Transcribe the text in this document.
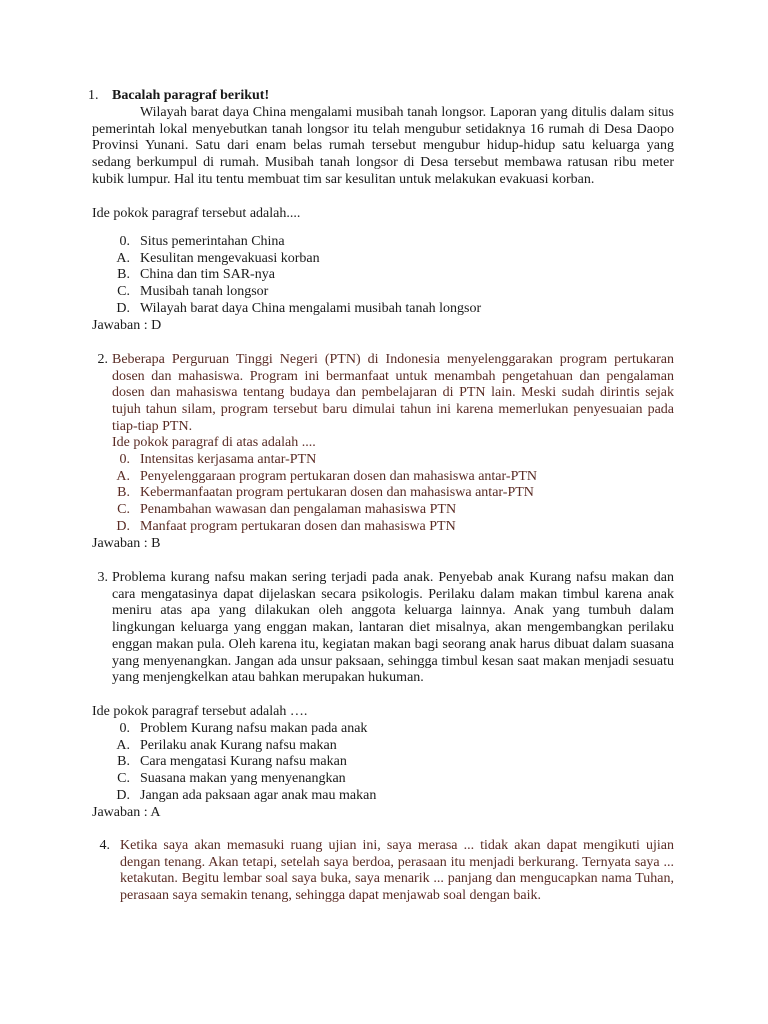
1. Bacalah paragraf berikut!

Wilayah barat daya China mengalami musibah tanah longsor. Laporan yang ditulis dalam situs pemerintah lokal menyebutkan tanah longsor itu telah mengubur setidaknya 16 rumah di Desa Daopo Provinsi Yunani. Satu dari enam belas rumah tersebut mengubur hidup-hidup satu keluarga yang sedang berkumpul di rumah. Musibah tanah longsor di Desa tersebut membawa ratusan ribu meter kubik lumpur. Hal itu tentu membuat tim sar kesulitan untuk melakukan evakuasi korban.

Ide pokok paragraf tersebut adalah....
0. Situs pemerintahan China
A. Kesulitan mengevakuasi korban
B. China dan tim SAR-nya
C. Musibah tanah longsor
D. Wilayah barat daya China mengalami musibah tanah longsor
Jawaban : D
2. Beberapa Perguruan Tinggi Negeri (PTN) di Indonesia menyelenggarakan program pertukaran dosen dan mahasiswa. Program ini bermanfaat untuk menambah pengetahuan dan pengalaman dosen dan mahasiswa tentang budaya dan pembelajaran di PTN lain. Meski sudah dirintis sejak tujuh tahun silam, program tersebut baru dimulai tahun ini karena memerlukan penyesuaian pada tiap-tiap PTN.

Ide pokok paragraf di atas adalah ....
0. Intensitas kerjasama antar-PTN
A. Penyelenggaraan program pertukaran dosen dan mahasiswa antar-PTN
B. Kebermanfaatan program pertukaran dosen dan mahasiswa antar-PTN
C. Penambahan wawasan dan pengalaman mahasiswa PTN
D. Manfaat program pertukaran dosen dan mahasiswa PTN
Jawaban : B
3. Problema kurang nafsu makan sering terjadi pada anak. Penyebab anak Kurang nafsu makan dan cara mengatasinya dapat dijelaskan secara psikologis. Perilaku dalam makan timbul karena anak meniru atas apa yang dilakukan oleh anggota keluarga lainnya. Anak yang tumbuh dalam lingkungan keluarga yang enggan makan, lantaran diet misalnya, akan mengembangkan perilaku enggan makan pula. Oleh karena itu, kegiatan makan bagi seorang anak harus dibuat dalam suasana yang menyenangkan. Jangan ada unsur paksaan, sehingga timbul kesan saat makan menjadi sesuatu yang menjengkelkan atau bahkan merupakan hukuman.

Ide pokok paragraf tersebut adalah ….
0. Problem Kurang nafsu makan pada anak
A. Perilaku anak Kurang nafsu makan
B. Cara mengatasi Kurang nafsu makan
C. Suasana makan yang menyenangkan
D. Jangan ada paksaan agar anak mau makan
Jawaban : A
4. Ketika saya akan memasuki ruang ujian ini, saya merasa ... tidak akan dapat mengikuti ujian dengan tenang. Akan tetapi, setelah saya berdoa, perasaan itu menjadi berkurang. Ternyata saya ... ketakutan. Begitu lembar soal saya buka, saya menarik ... panjang dan mengucapkan nama Tuhan, perasaan saya semakin tenang, sehingga dapat menjawab soal dengan baik.
